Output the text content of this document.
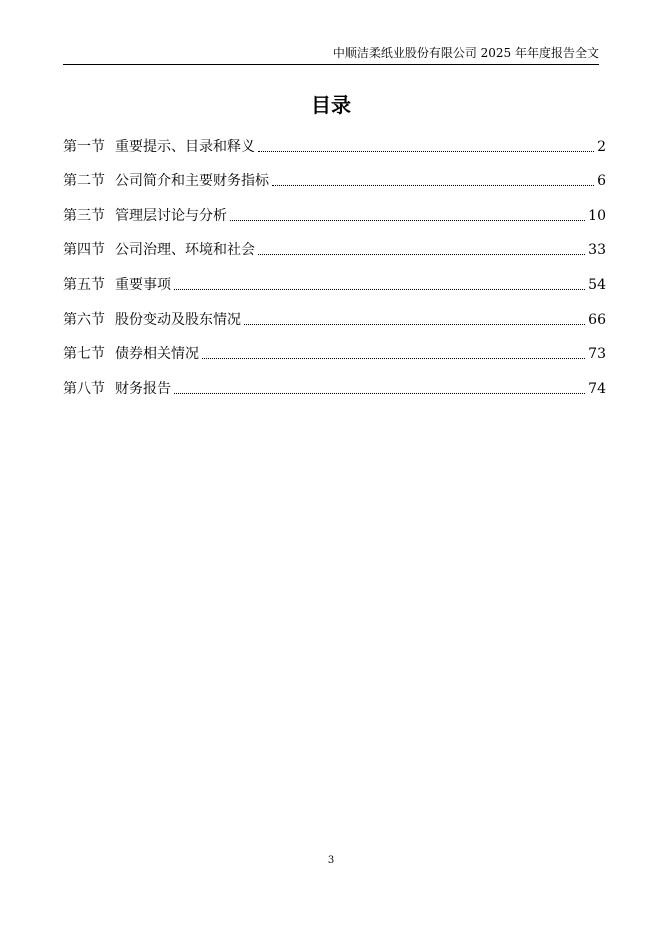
中顺洁柔纸业股份有限公司 2025 年年度报告全文
目录
第一节 重要提示、目录和释义	2
第二节 公司简介和主要财务指标	6
第三节 管理层讨论与分析	10
第四节 公司治理、环境和社会	33
第五节 重要事项	54
第六节 股份变动及股东情况	66
第七节 债券相关情况	73
第八节 财务报告	74
3
